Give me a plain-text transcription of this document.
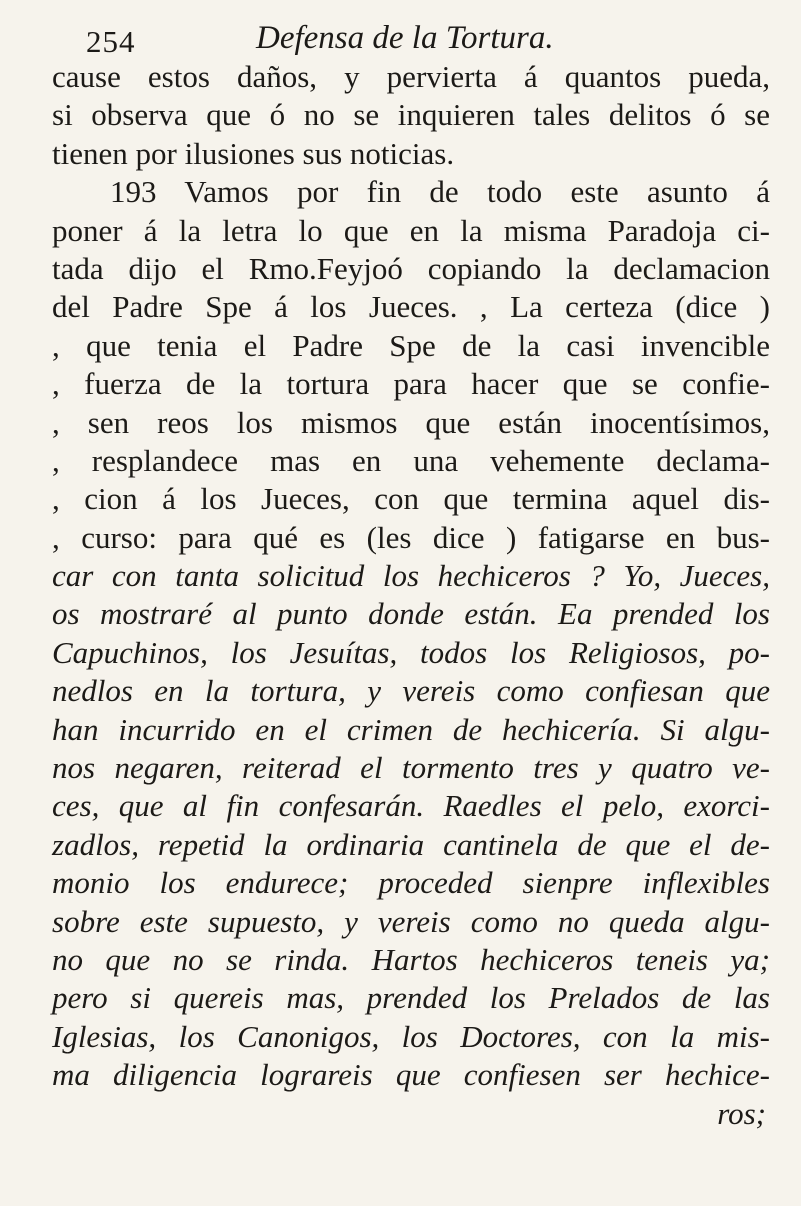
254	Defensa de la Tortura.
cause estos daños, y pervierta á quantos pueda,
si observa que ó no se inquieren tales delitos ó se
tienen por ilusiones sus noticias.
193 Vamos por fin de todo este asunto á
poner á la letra lo que en la misma Paradoja ci-
tada dijo el Rmo.Feyjoó copiando la declamacion
del Padre Spe á los Jueces. , La certeza (dice )
, que tenia el Padre Spe de la casi invencible
, fuerza de la tortura para hacer que se confie-
, sen reos los mismos que están inocentísimos,
, resplandece mas en una vehemente declama-
, cion á los Jueces, con que termina aquel dis-
, curso: para qué es (les dice ) fatigarse en bus-
car con tanta solicitud los hechiceros ? Yo, Jueces,
os mostraré al punto donde están. Ea prended los
Capuchinos, los Jesuítas, todos los Religiosos, po-
nedlos en la tortura, y vereis como confiesan que
han incurrido en el crimen de hechicería. Si algu-
nos negaren, reiterad el tormento tres y quatro ve-
ces, que al fin confesarán. Raedles el pelo, exorci-
zadlos, repetid la ordinaria cantinela de que el de-
monio los endurece; proceded sienpre inflexibles
sobre este supuesto, y vereis como no queda algu-
no que no se rinda. Hartos hechiceros teneis ya;
pero si quereis mas, prended los Prelados de las
Iglesias, los Canonigos, los Doctores, con la mis-
ma diligencia lograreis que confiesen ser hechice-
ros;
